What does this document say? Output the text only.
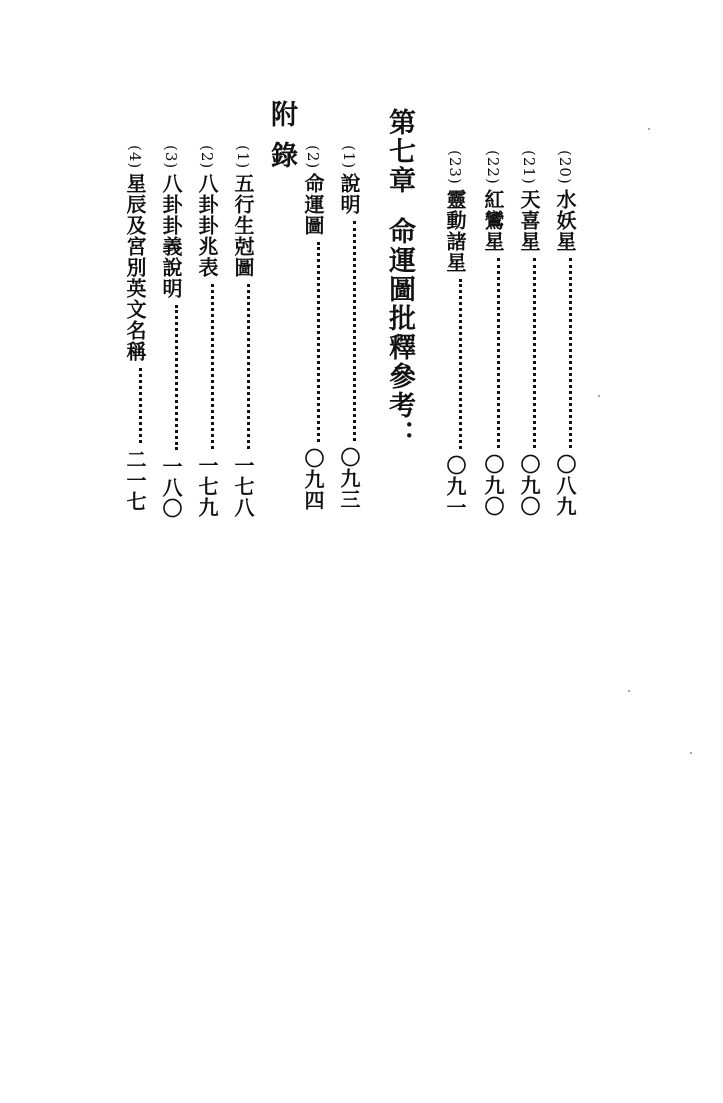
(20)水妖星〇八九
(21)天喜星〇九〇
(22)紅鸞星〇九〇
(23)靈動諸星〇九一
第七章命運圖批釋參考：
(1)說明〇九三
(2)命運圖〇九四
附錄
(1)五行生尅圖一七八
(2)八卦卦兆表一七九
(3)八卦卦義說明一八〇
(4)星辰及宮別英文名稱二一七
